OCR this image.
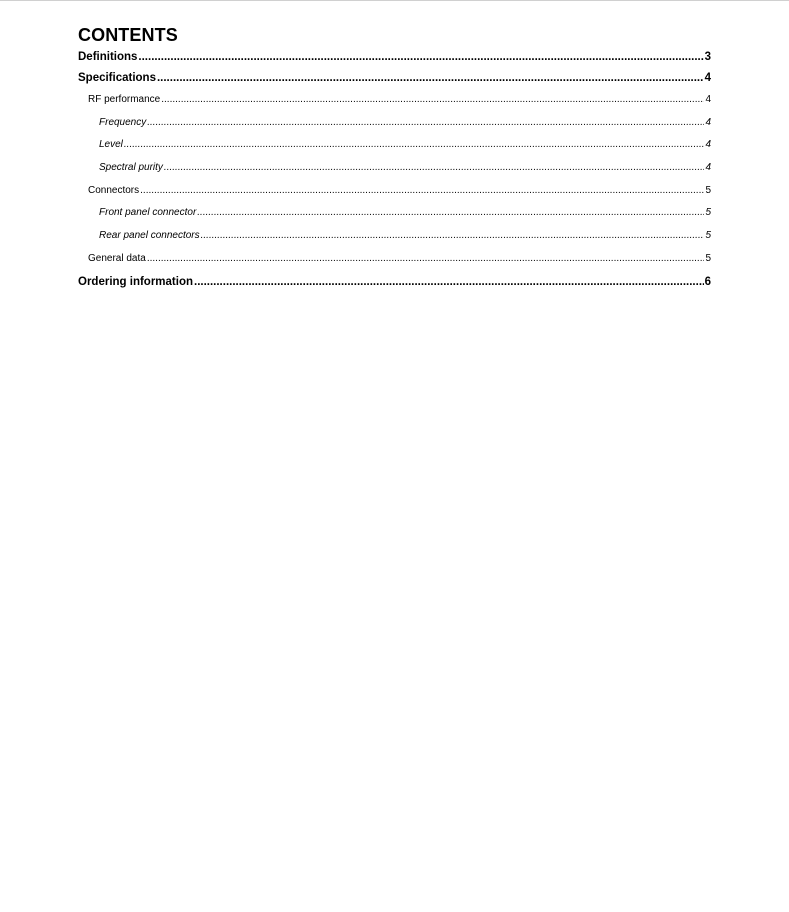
CONTENTS
Definitions .....	3
Specifications .....	4
RF performance .....	4
Frequency .....	4
Level .....	4
Spectral purity .....	4
Connectors .....	5
Front panel connector .....	5
Rear panel connectors .....	5
General data .....	5
Ordering information .....	6
